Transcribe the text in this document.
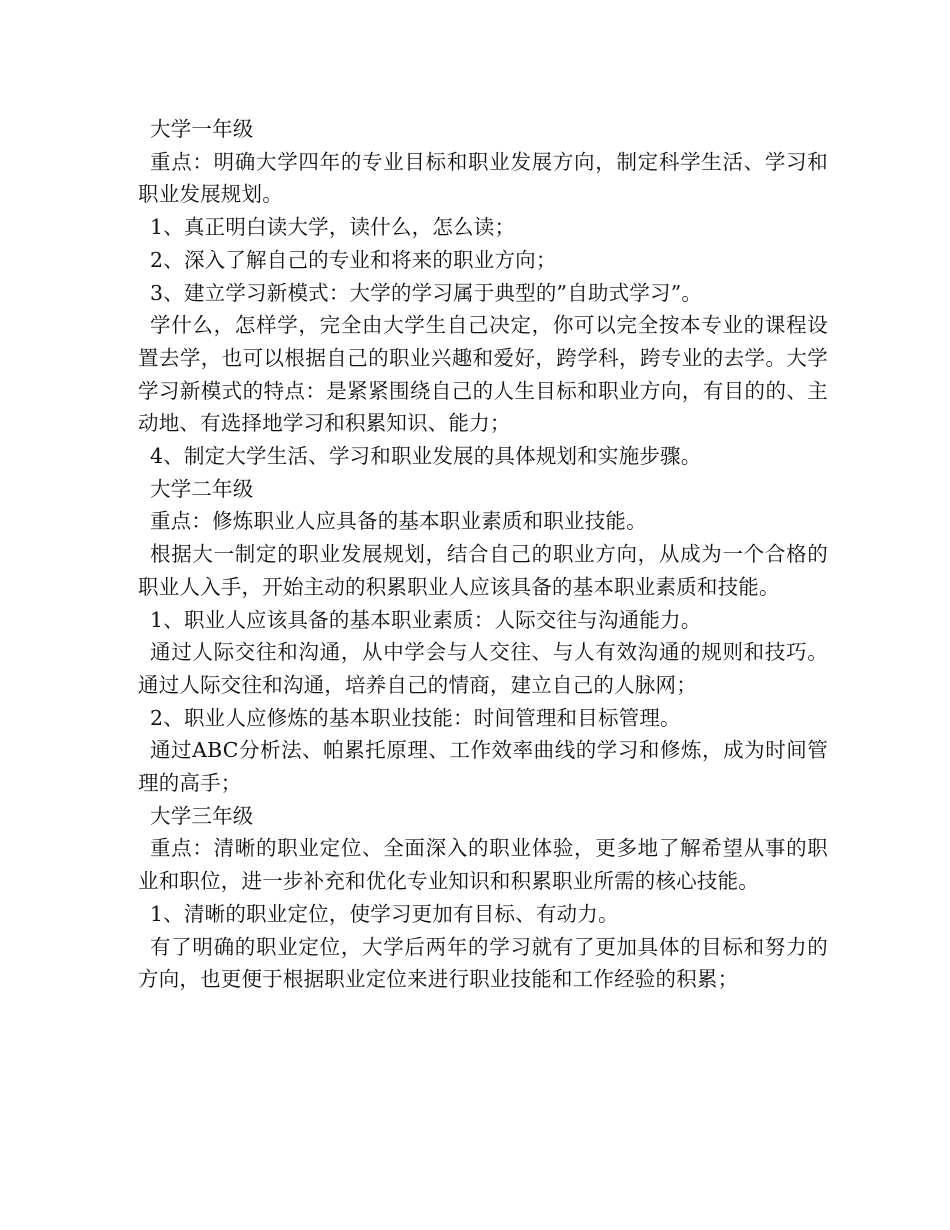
大学一年级

重点：明确大学四年的专业目标和职业发展方向，制定科学生活、学习和职业发展规划。

1、真正明白读大学，读什么，怎么读；

2、深入了解自己的专业和将来的职业方向；

3、建立学习新模式：大学的学习属于典型的”自助式学习”。

学什么，怎样学，完全由大学生自己决定，你可以完全按本专业的课程设置去学，也可以根据自己的职业兴趣和爱好，跨学科，跨专业的去学。大学学习新模式的特点：是紧紧围绕自己的人生目标和职业方向，有目的的、主动地、有选择地学习和积累知识、能力；

4、制定大学生活、学习和职业发展的具体规划和实施步骤。

大学二年级

重点：修炼职业人应具备的基本职业素质和职业技能。

根据大一制定的职业发展规划，结合自己的职业方向，从成为一个合格的职业人入手，开始主动的积累职业人应该具备的基本职业素质和技能。

1、职业人应该具备的基本职业素质：人际交往与沟通能力。

通过人际交往和沟通，从中学会与人交往、与人有效沟通的规则和技巧。通过人际交往和沟通，培养自己的情商，建立自己的人脉网；

2、职业人应修炼的基本职业技能：时间管理和目标管理。

通过ABC分析法、帕累托原理、工作效率曲线的学习和修炼，成为时间管理的高手；

大学三年级

重点：清晰的职业定位、全面深入的职业体验，更多地了解希望从事的职业和职位，进一步补充和优化专业知识和积累职业所需的核心技能。

1、清晰的职业定位，使学习更加有目标、有动力。

有了明确的职业定位，大学后两年的学习就有了更加具体的目标和努力的方向，也更便于根据职业定位来进行职业技能和工作经验的积累；
